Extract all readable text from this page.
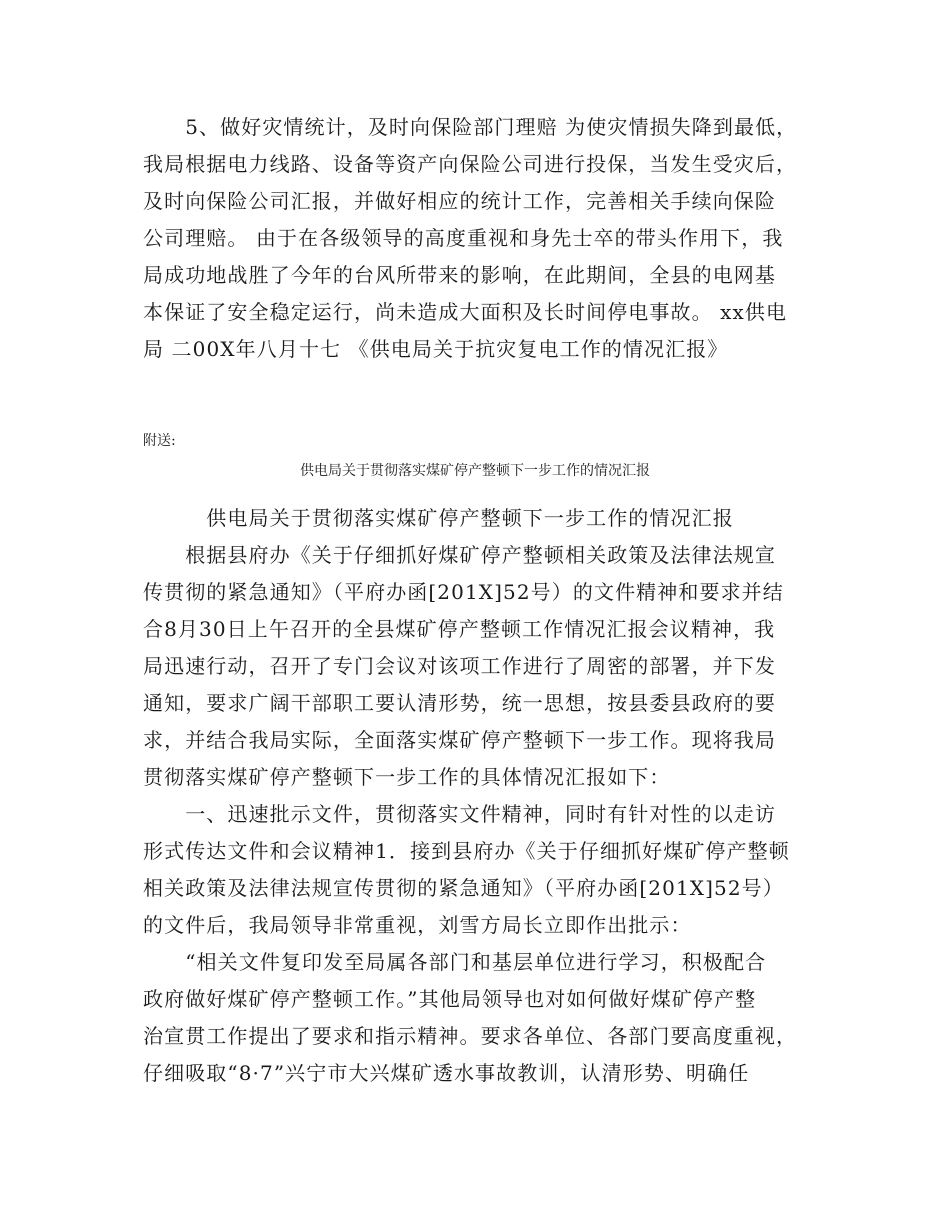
　　5、做好灾情统计，及时向保险部门理赔 为使灾情损失降到最低，
我局根据电力线路、设备等资产向保险公司进行投保，当发生受灾后，
及时向保险公司汇报，并做好相应的统计工作，完善相关手续向保险
公司理赔。 由于在各级领导的高度重视和身先士卒的带头作用下，我
局成功地战胜了今年的台风所带来的影响，在此期间，全县的电网基
本保证了安全稳定运行，尚未造成大面积及长时间停电事故。 xx供电
局 二00X年八月十七 《供电局关于抗灾复电工作的情况汇报》
附送:
供电局关于贯彻落实煤矿停产整顿下一步工作的情况汇报
　　　供电局关于贯彻落实煤矿停产整顿下一步工作的情况汇报
　　根据县府办《关于仔细抓好煤矿停产整顿相关政策及法律法规宣
传贯彻的紧急通知》（平府办函[201X]52号）的文件精神和要求并结
合8月30日上午召开的全县煤矿停产整顿工作情况汇报会议精神，我
局迅速行动，召开了专门会议对该项工作进行了周密的部署，并下发
通知，要求广阔干部职工要认清形势，统一思想，按县委县政府的要
求，并结合我局实际，全面落实煤矿停产整顿下一步工作。现将我局
贯彻落实煤矿停产整顿下一步工作的具体情况汇报如下：
　　一、迅速批示文件，贯彻落实文件精神，同时有针对性的以走访
形式传达文件和会议精神1．接到县府办《关于仔细抓好煤矿停产整顿
相关政策及法律法规宣传贯彻的紧急通知》（平府办函[201X]52号）
的文件后，我局领导非常重视，刘雪方局长立即作出批示：
　　“相关文件复印发至局属各部门和基层单位进行学习，积极配合
政府做好煤矿停产整顿工作。”其他局领导也对如何做好煤矿停产整
治宣贯工作提出了要求和指示精神。要求各单位、各部门要高度重视，
仔细吸取“8·7”兴宁市大兴煤矿透水事故教训，认清形势、明确任
